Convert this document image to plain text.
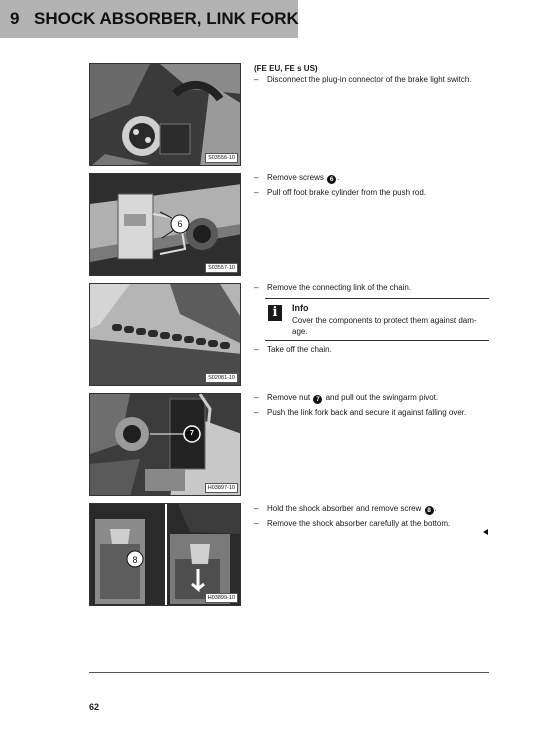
9 SHOCK ABSORBER, LINK FORK
S03556-10
6
S03557-10
S02081-10
7
H03897-10
8
H03899-10
(FE EU, FE s US)
– Disconnect the plug-in connector of the brake light switch.
– Remove screws 6 .
– Pull off foot brake cylinder from the push rod.
– Remove the connecting link of the chain.
i	Info
Cover the components to protect them against dam-age.
– Take off the chain.
– Remove nut 7 and pull out the swingarm pivot.
– Push the link fork back and secure it against falling over.
– Hold the shock absorber and remove screw 8 .
– Remove the shock absorber carefully at the bottom.
62
